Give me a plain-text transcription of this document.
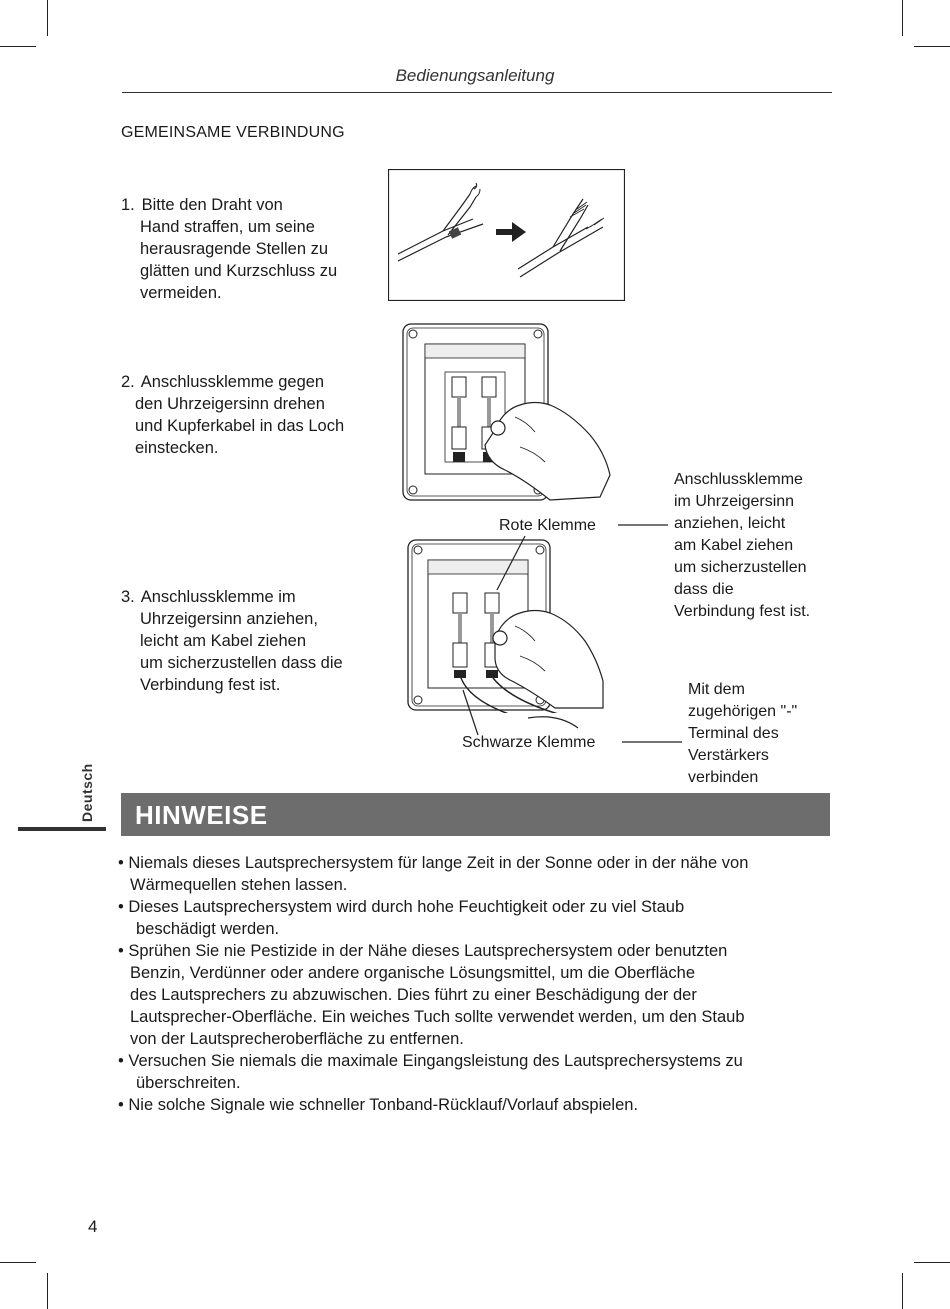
Bedienungsanleitung
GEMEINSAME VERBINDUNG
1. Bitte den Draht von
Hand straffen, um seine
herausragende Stellen zu
glätten und Kurzschluss zu
vermeiden.
2. Anschlussklemme gegen
den Uhrzeigersinn drehen
und Kupferkabel in das Loch
einstecken.
3. Anschlussklemme im
Uhrzeigersinn anziehen,
leicht am Kabel ziehen
um sicherzustellen dass die
Verbindung fest ist.
Rote Klemme
Schwarze Klemme
Anschlussklemme
im Uhrzeigersinn
anziehen, leicht
am Kabel ziehen
um sicherzustellen
dass die
Verbindung fest ist.
Mit dem
zugehörigen "-"
Terminal des
Verstärkers
verbinden
Deutsch HINWEISE
• Niemals dieses Lautsprechersystem für lange Zeit in der Sonne oder in der nähe von
Wärmequellen stehen lassen.
• Dieses Lautsprechersystem wird durch hohe Feuchtigkeit oder zu viel Staub
beschädigt werden.
• Sprühen Sie nie Pestizide in der Nähe dieses Lautsprechersystem oder benutzten
Benzin, Verdünner oder andere organische Lösungsmittel, um die Oberfläche
des Lautsprechers zu abzuwischen. Dies führt zu einer Beschädigung der der
Lautsprecher-Oberfläche. Ein weiches Tuch sollte verwendet werden, um den Staub
von der Lautsprecheroberfläche zu entfernen.
• Versuchen Sie niemals die maximale Eingangsleistung des Lautsprechersystems zu
überschreiten.
• Nie solche Signale wie schneller Tonband-Rücklauf/Vorlauf abspielen.
4
